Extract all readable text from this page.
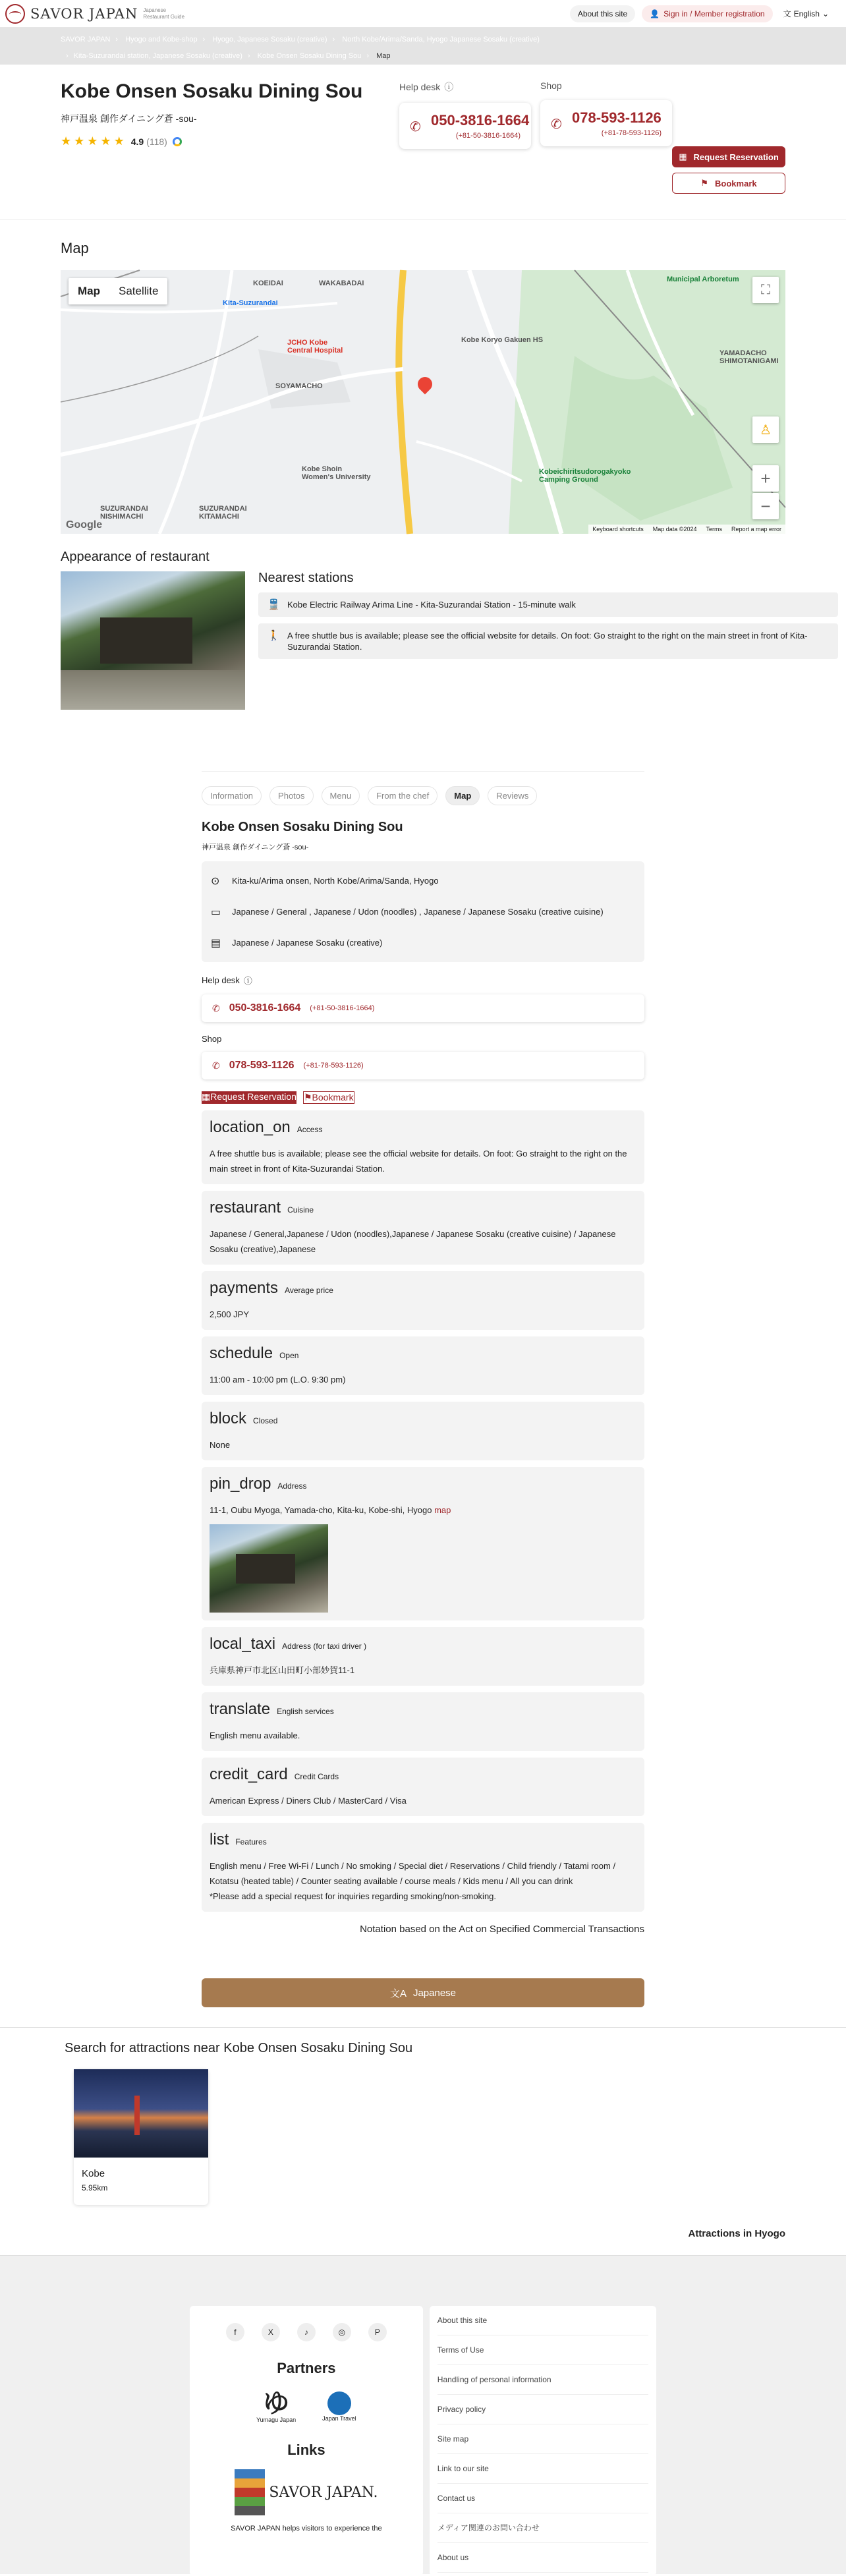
SAVOR JAPAN Japanese
Restaurant Guide	About this site	👤 Sign in / Member registration 文 English ⌄
SAVOR JAPAN › Hyogo and Kobe-shop › Hyogo, Japanese Sosaku (creative) › North Kobe/Arima/Sanda, Hyogo Japanese Sosaku (creative)
› Kita-Suzurandai station, Japanese Sosaku (creative) › Kobe Onsen Sosaku Dining Sou › Map
Kobe Onsen Sosaku Dining Sou
神戸温泉 創作ダイニング蒼 -sou-
★ ★ ★ ★ ★ 4.9 (118)
Help desk ⓘ
✆ 050-3816-1664
(+81-50-3816-1664)
Shop
✆ 078-593-1126
(+81-78-593-1126)
▦ Request Reservation
⚑ Bookmark
Map
KOEIDAI	WAKABADAI
Kita-Suzurandai
JCHO Kobe Central Hospital
SOYAMACHO
Kobe Koryo Gakuen HS
Kobe Shoin Women's University
SUZURANDAI NISHIMACHI
SUZURANDAI KITAMACHI
Kobeichiritsudorogakyoko Camping Ground
YAMADACHO SHIMOTANIGAMI
Municipal Arboretum
Map	Satellite	⛶
♙
+
−
Google	Keyboard shortcuts Map data ©2024 Terms Report a map error
Appearance of restaurant
Nearest stations
🚆 Kobe Electric Railway Arima Line - Kita-Suzurandai Station - 15-minute walk
🚶 A free shuttle bus is available; please see the official website for details. On foot: Go straight to the right on the main street in front of Kita-Suzurandai Station.
Information	Photos	Menu	From the chef	Map	Reviews
Kobe Onsen Sosaku Dining Sou
神戸温泉 創作ダイニング蒼 -sou-
⊙ Kita-ku/Arima onsen, North Kobe/Arima/Sanda, Hyogo
▭ Japanese / General , Japanese / Udon (noodles) , Japanese / Japanese Sosaku (creative cuisine)
▤ Japanese / Japanese Sosaku (creative)
Help desk ⓘ
✆ 050-3816-1664 (+81-50-3816-1664)
Shop
✆ 078-593-1126 (+81-78-593-1126)
▦Request Reservation ⚑Bookmark
location_on Access
A free shuttle bus is available; please see the official website for details. On foot: Go straight to the right on the main street in front of Kita-Suzurandai Station.
restaurant Cuisine
Japanese / General,Japanese / Udon (noodles),Japanese / Japanese Sosaku (creative cuisine) / Japanese Sosaku (creative),Japanese
payments Average price
2,500 JPY
schedule Open
11:00 am - 10:00 pm (L.O. 9:30 pm)
block Closed
None
pin_drop Address
11-1, Oubu Myoga, Yamada-cho, Kita-ku, Kobe-shi, Hyogo map
local_taxi Address (for taxi driver )
兵庫県神戸市北区山田町小部妙賀11-1
translate English services
English menu available.
credit_card Credit Cards
American Express / Diners Club / MasterCard / Visa
list Features
English menu / Free Wi-Fi / Lunch / No smoking / Special diet / Reservations / Child friendly / Tatami room / Kotatsu (heated table) / Counter seating available / course meals / Kids menu / All you can drink
*Please add a special request for inquiries regarding smoking/non-smoking.
Notation based on the Act on Specified Commercial Transactions
文A Japanese
Search for attractions near Kobe Onsen Sosaku Dining Sou
Kobe
5.95km
Attractions in Hyogo
f	X	♪	◎	P
Partners
ゆ
Yumagu Japan	Japan Travel
Links
SAVOR JAPAN.
SAVOR JAPAN helps visitors to experience the
About this site
Terms of Use
Handling of personal information
Privacy policy
Site map
Link to our site
Contact us
メディア関連のお問い合わせ
About us
